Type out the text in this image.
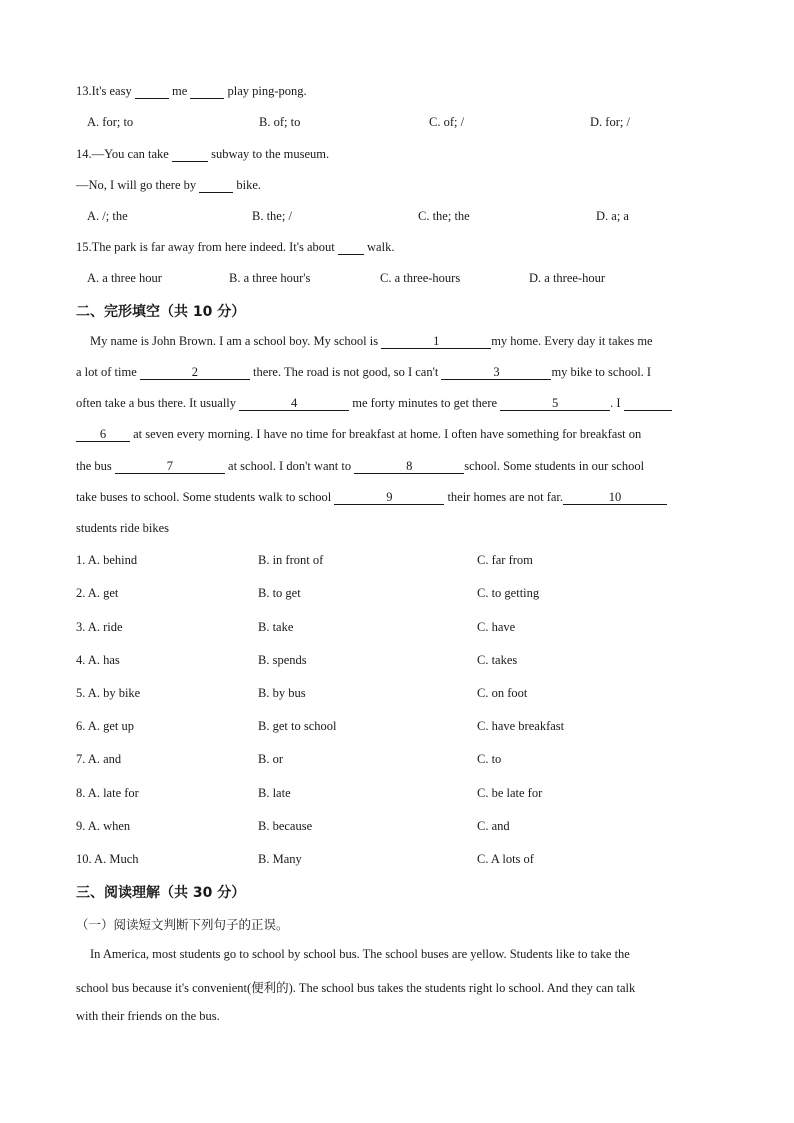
13.It's easy	me	play ping-pong.
A. for; to	B. of; to	C. of; /	D. for; /
14.—You can take	subway to the museum.
—No, I will go there by	bike.
A. /; the	B. the; /	C. the; the	D. a; a
15.The park is far away from here indeed. It's about	walk.
A. a three hour	B. a three hour's	C. a three-hours	D. a three-hour
二、完形填空（共 10 分）
My name is John Brown. I am a school boy. My school is	1	my home. Every day it takes me
a lot of time	2	there. The road is not good, so I can't	3	my bike to school. I
often take a bus there. It usually	4	me forty minutes to get there	5	. I
6 at seven every morning. I have no time for breakfast at home. I often have something for breakfast on
the bus	7	at school. I don't want to	8	school. Some students in our school
take buses to school. Some students walk to school	9	their homes are not far.	10
students ride bikes
1. A. behind	B. in front of	C. far from
2. A. get	B. to get	C. to getting
3. A. ride	B. take	C. have
4. A. has	B. spends	C. takes
5. A. by bike	B. by bus	C. on foot
6. A. get up	B. get to school	C. have breakfast
7. A. and	B. or	C. to
8. A. late for	B. late	C. be late for
9. A. when	B. because	C. and
10. A. Much	B. Many	C. A lots of
三、阅读理解（共 30 分）
（一）阅读短文判断下列句子的正误。
In America, most students go to school by school bus. The school buses are yellow. Students like to take the
school bus because it's convenient(便利的). The school bus takes the students right lo school. And they can talk
with their friends on the bus.
